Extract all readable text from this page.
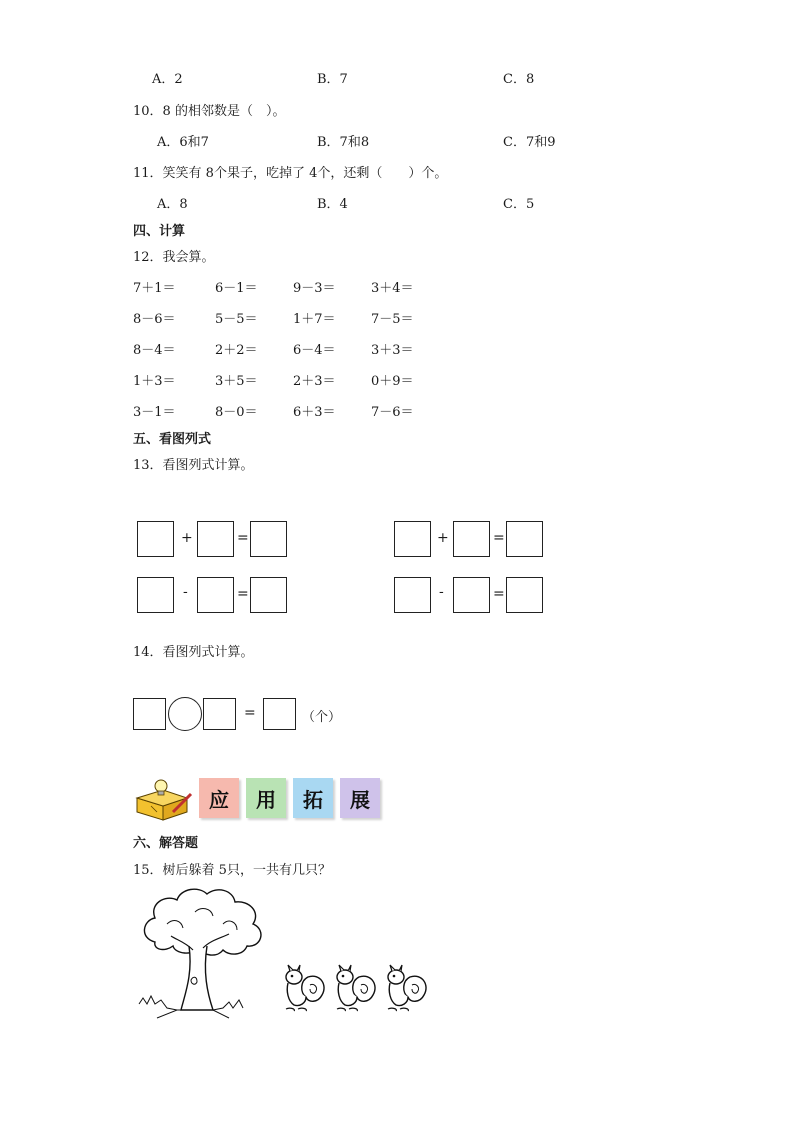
A．2	B．7	C．8
10．8 的相邻数是（　）。
A．6和7	B．7和8	C．7和9
11．笑笑有 8个果子，吃掉了 4个，还剩（　　）个。
A．8	B．4	C．5
四、计算
12．我会算。
7＋1＝	6－1＝	9－3＝	3＋4＝
8－6＝	5－5＝	1＋7＝	7－5＝
8－4＝	2＋2＝	6－4＝	3＋3＝
1＋3＝	3＋5＝	2＋3＝	0＋9＝
3－1＝	8－0＝	6＋3＝	7－6＝
五、看图列式
13．看图列式计算。
+	=
-	=
+	=
-	=
14．看图列式计算。
=	（个）
应	用	拓	展
六、解答题
15．树后躲着 5只，一共有几只？
